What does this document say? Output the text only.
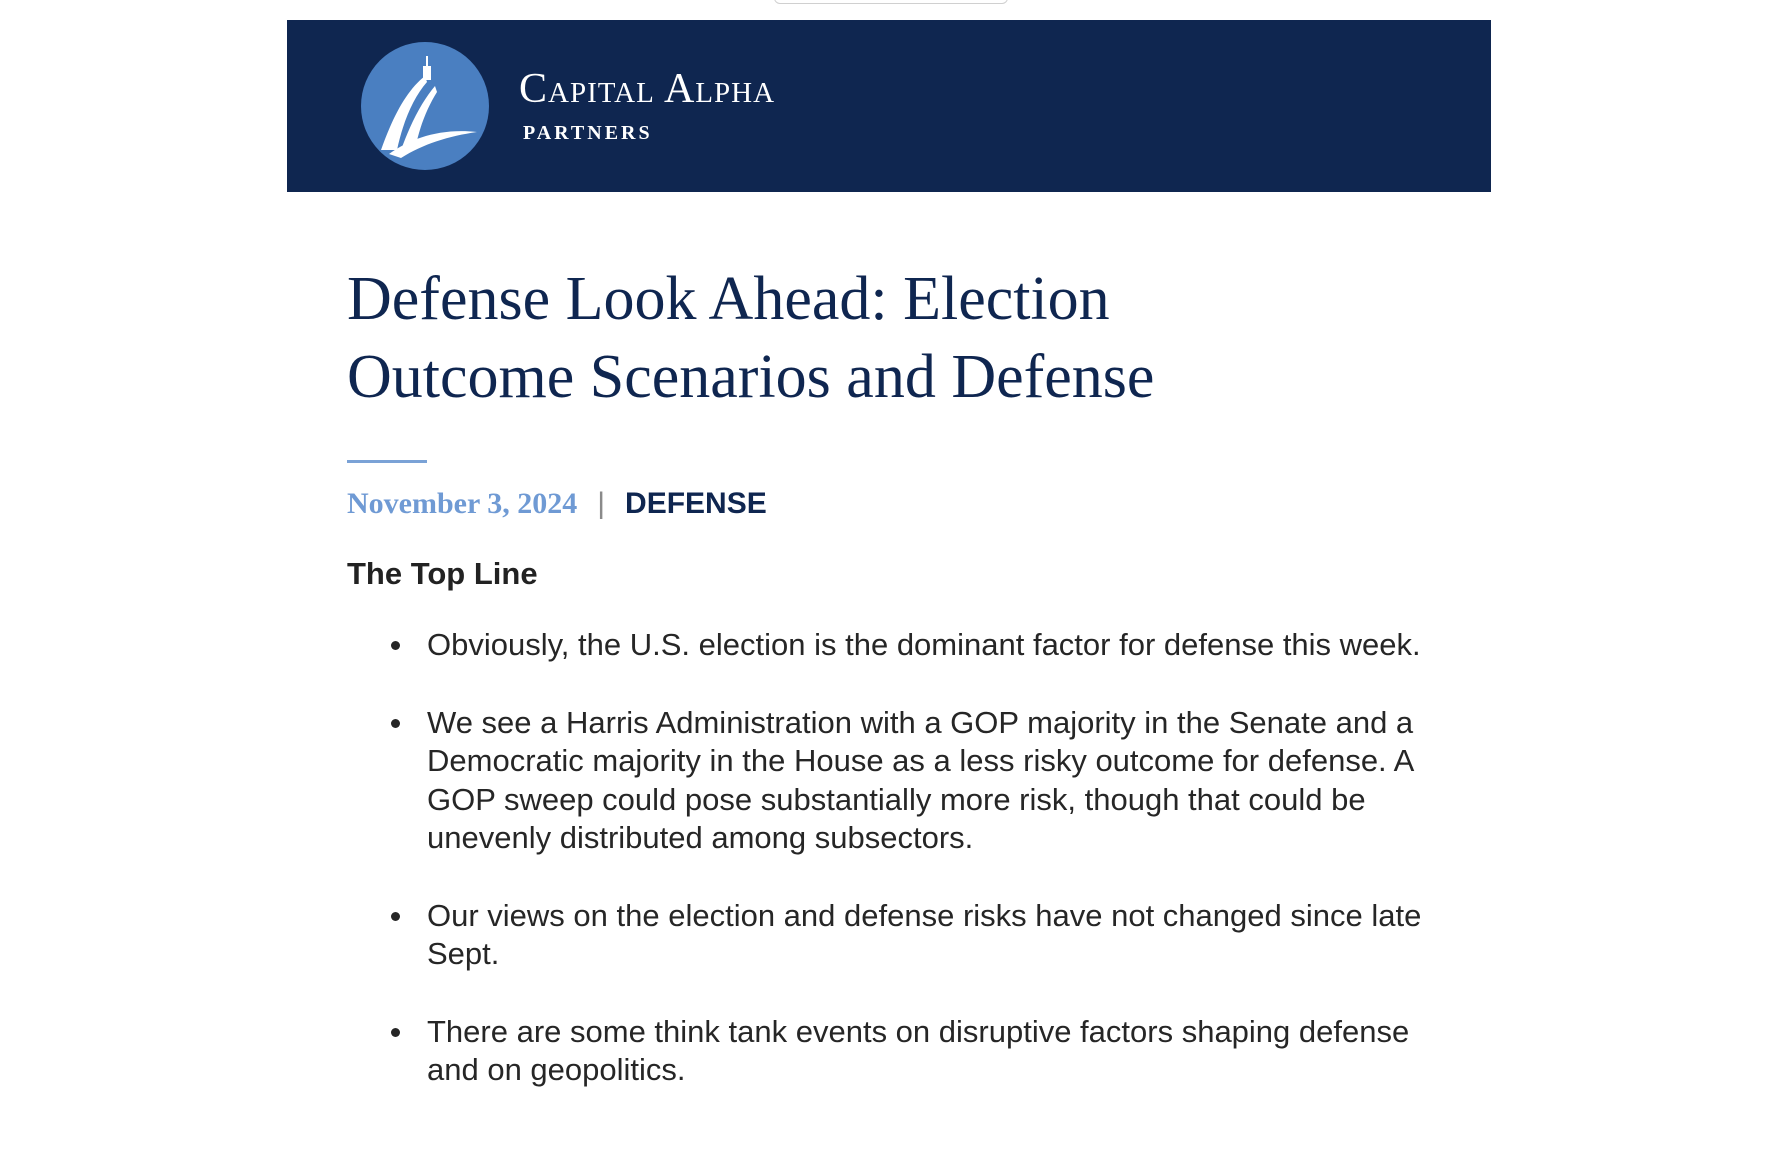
Capital Alpha
PARTNERS
Defense Look Ahead: Election Outcome Scenarios and Defense
November 3, 2024 | DEFENSE
The Top Line
Obviously, the U.S. election is the dominant factor for defense this week.
We see a Harris Administration with a GOP majority in the Senate and a Democratic majority in the House as a less risky outcome for defense. A GOP sweep could pose substantially more risk, though that could be unevenly distributed among subsectors.
Our views on the election and defense risks have not changed since late Sept.
There are some think tank events on disruptive factors shaping defense and on geopolitics.
